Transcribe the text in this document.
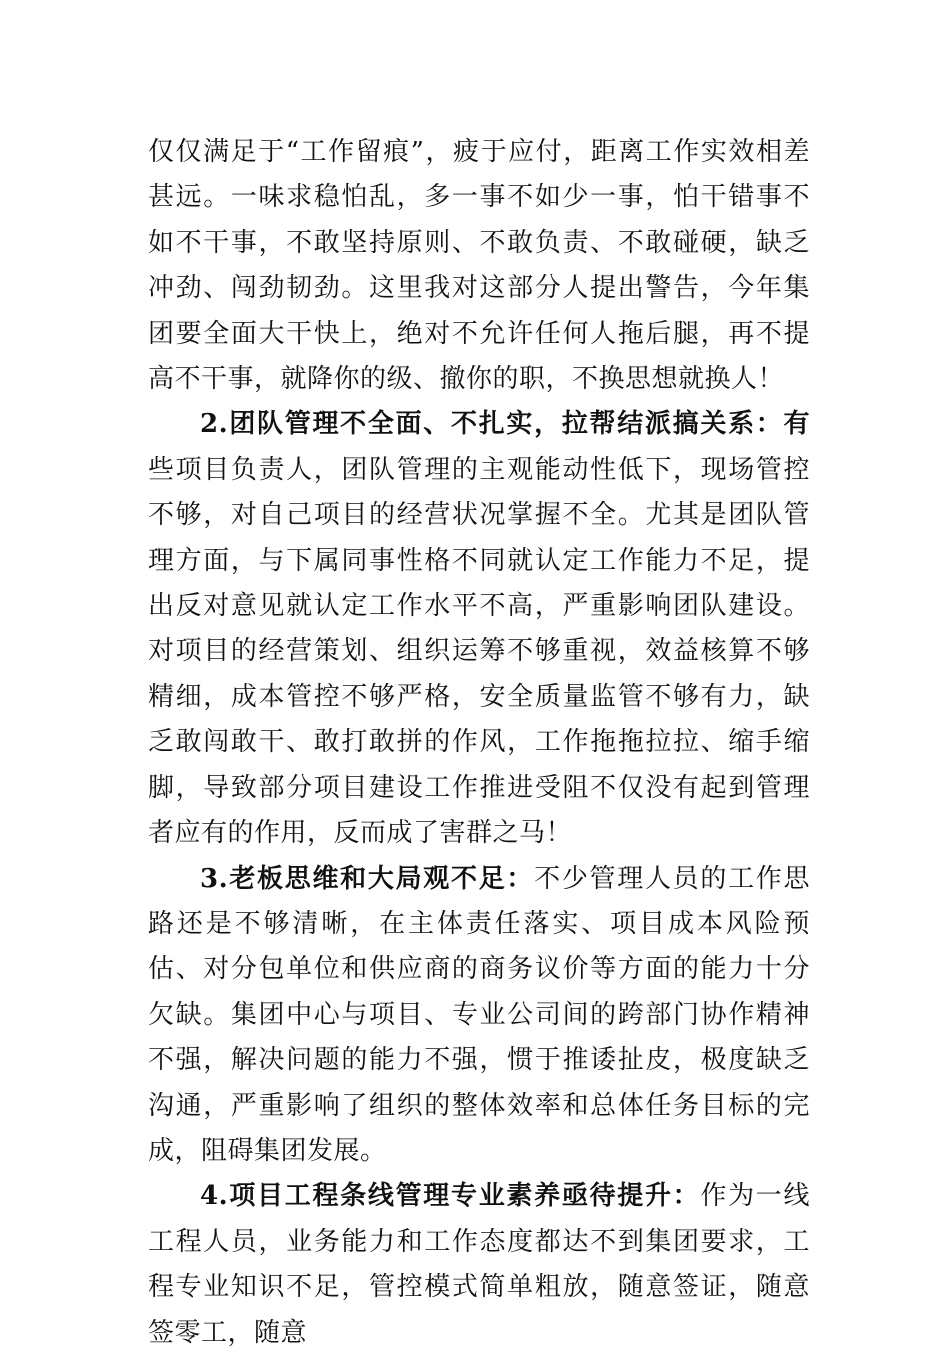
仅仅满足于“工作留痕”，疲于应付，距离工作实效相差甚远。一味求稳怕乱，多一事不如少一事，怕干错事不如不干事，不敢坚持原则、不敢负责、不敢碰硬，缺乏冲劲、闯劲韧劲。这里我对这部分人提出警告，今年集团要全面大干快上，绝对不允许任何人拖后腿，再不提高不干事，就降你的级、撤你的职，不换思想就换人！

2.团队管理不全面、不扎实，拉帮结派搞关系：有些项目负责人，团队管理的主观能动性低下，现场管控不够，对自己项目的经营状况掌握不全。尤其是团队管理方面，与下属同事性格不同就认定工作能力不足，提出反对意见就认定工作水平不高，严重影响团队建设。对项目的经营策划、组织运筹不够重视，效益核算不够精细，成本管控不够严格，安全质量监管不够有力，缺乏敢闯敢干、敢打敢拼的作风，工作拖拖拉拉、缩手缩脚，导致部分项目建设工作推进受阻不仅没有起到管理者应有的作用，反而成了害群之马！

3.老板思维和大局观不足：不少管理人员的工作思路还是不够清晰，在主体责任落实、项目成本风险预估、对分包单位和供应商的商务议价等方面的能力十分欠缺。集团中心与项目、专业公司间的跨部门协作精神不强，解决问题的能力不强，惯于推诿扯皮，极度缺乏沟通，严重影响了组织的整体效率和总体任务目标的完成，阻碍集团发展。

4.项目工程条线管理专业素养亟待提升：作为一线工程人员，业务能力和工作态度都达不到集团要求，工程专业知识不足，管控模式简单粗放，随意签证，随意签零工，随意
